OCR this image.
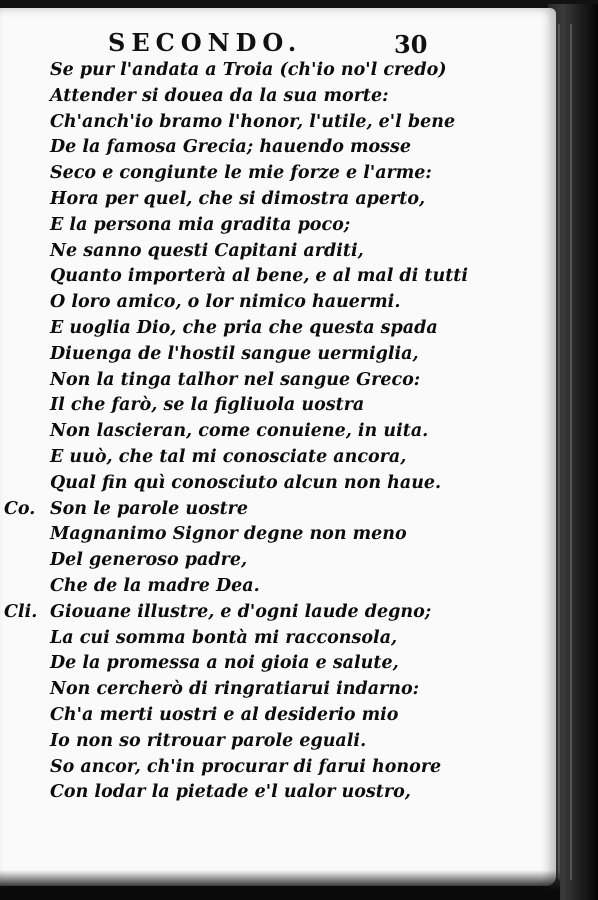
SECONDO.	30
Se pur l'andata a Troia (ch'io no'l credo)
Attender si doueа da la sua morte:
Ch'anch'io bramo l'honor, l'utile, e'l bene
De la famosa Grecia; hauendo mosse
Seco e congiunte le mie forze e l'arme:
Hora per quel, che si dimostra aperto,
E la persona mia gradita poco;
Ne sanno questi Capitani arditi,
Quanto importerà al bene, e al mal di tutti
O loro amico, o lor nimico hauermi.
E uoglia Dio, che pria che questa spada
Diuenga de l'hostil sangue uermiglia,
Non la tinga talhor nel sangue Greco:
Il che farò, se la figliuola uostra
Non lascieran, come conuiene, in uita.
E uuò, che tal mi conosciate ancora,
Qual fin quì conosciuto alcun non haue.
Co. Son le parole uostre
Magnanimo Signor degne non meno
Del generoso padre,
Che de la madre Dea.
Cli. Giouane illustre, e d'ogni laude degno;
La cui somma bontà mi racconsola,
De la promessa a noi gioia e salute,
Non cercherò di ringratiarui indarno:
Ch'a merti uostri e al desiderio mio
Io non so ritrouar parole eguali.
So ancor, ch'in procurar di farui honore
Con lodar la pietade e'l ualor uostro,
